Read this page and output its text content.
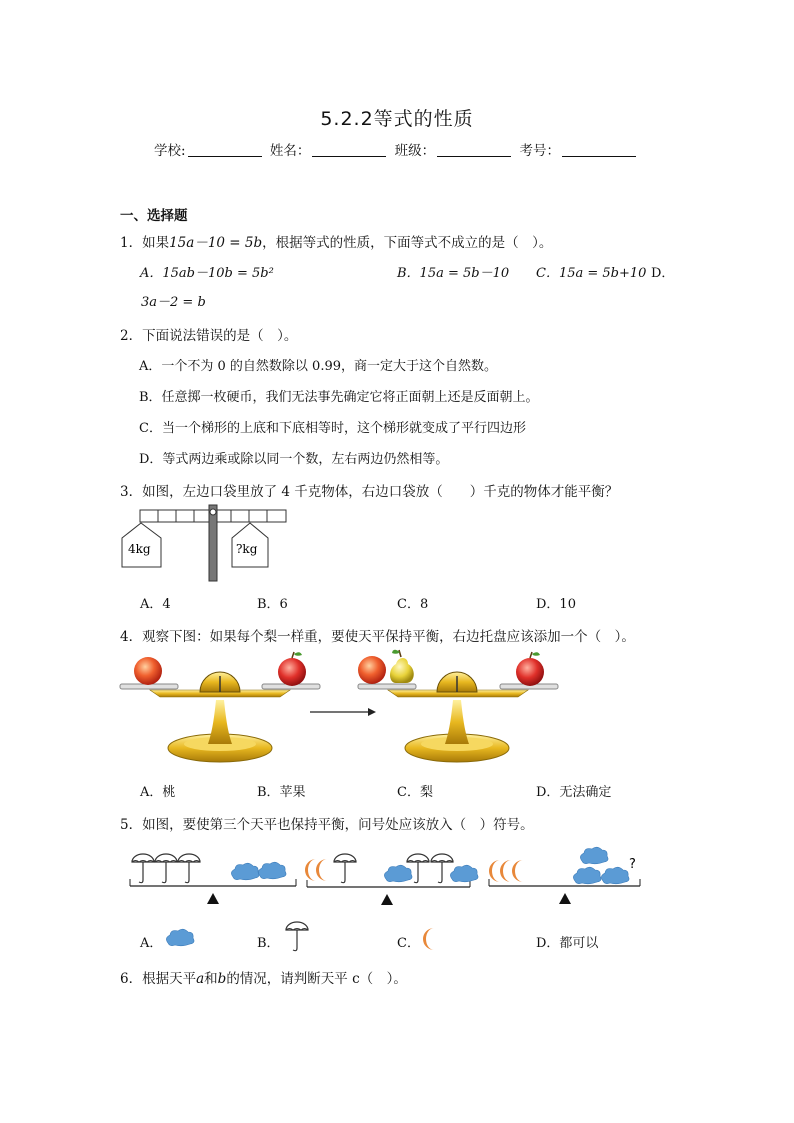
5.2.2等式的性质
学校:	姓名：	班级：	考号：
一、选择题
1．如果15a－10 = 5b，根据等式的性质，下面等式不成立的是（　）。
A．15ab－10b = 5b²	B．15a = 5b－10 C．15a = 5b+10 D．
3a－2 = b
2．下面说法错误的是（　）。
A．一个不为 0 的自然数除以 0.99，商一定大于这个自然数。
B．任意掷一枚硬币，我们无法事先确定它将正面朝上还是反面朝上。
C．当一个梯形的上底和下底相等时，这个梯形就变成了平行四边形
D．等式两边乘或除以同一个数，左右两边仍然相等。
3．如图，左边口袋里放了 4 千克物体，右边口袋放（　　）千克的物体才能平衡？
4kg	?kg
A．4	B．6	C．8	D．10
4．观察下图：如果每个梨一样重，要使天平保持平衡，右边托盘应该添加一个（　）。
A．桃	B．苹果	C．梨	D．无法确定
5．如图，要使第三个天平也保持平衡，问号处应该放入（　）符号。
?
A．	B．	C．	D．都可以
6．根据天平a和b的情况，请判断天平 c（　）。
